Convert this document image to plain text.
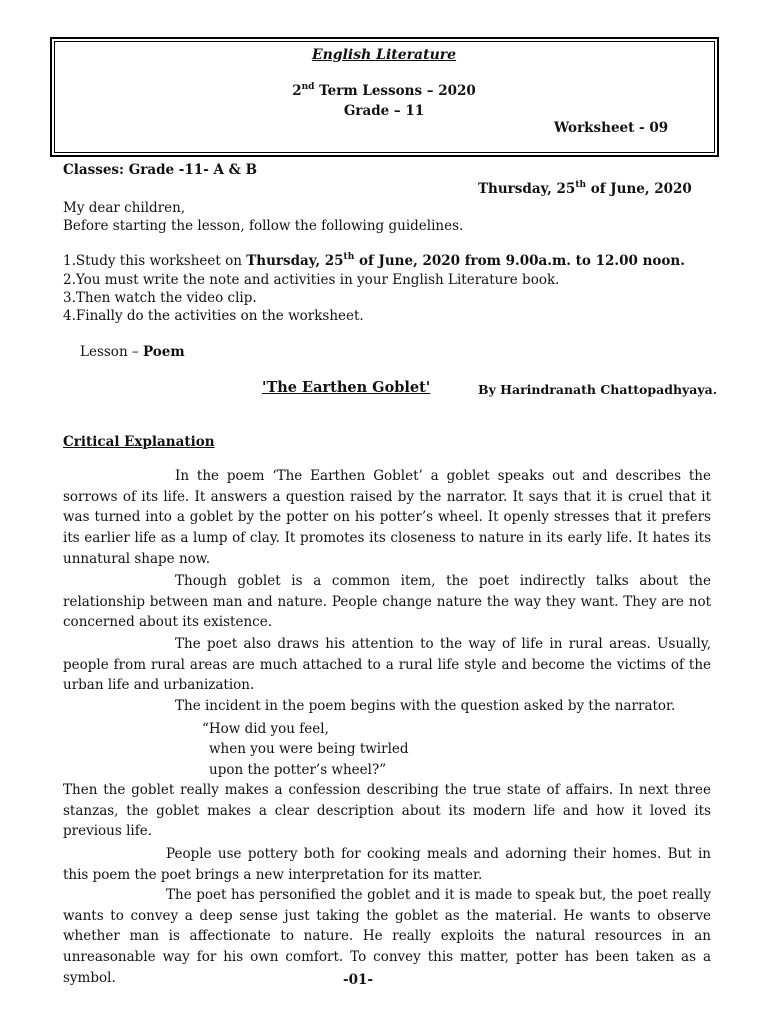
English Literature
2nd Term Lessons – 2020
Grade – 11
Worksheet - 09
Classes: Grade -11- A & B
Thursday, 25th of June, 2020
My dear children,
Before starting the lesson, follow the following guidelines.
1.Study this worksheet on Thursday, 25th of June, 2020 from 9.00a.m. to 12.00 noon.
2.You must write the note and activities in your English Literature book.
3.Then watch the video clip.
4.Finally do the activities on the worksheet.
Lesson – Poem
'The Earthen Goblet'	By Harindranath Chattopadhyaya.
Critical Explanation
In the poem ‘The Earthen Goblet’ a goblet speaks out and describes the sorrows of its life. It answers a question raised by the narrator. It says that it is cruel that it was turned into a goblet by the potter on his potter’s wheel. It openly stresses that it prefers its earlier life as a lump of clay. It promotes its closeness to nature in its early life. It hates its unnatural shape now.
Though goblet is a common item, the poet indirectly talks about the relationship between man and nature. People change nature the way they want. They are not concerned about its existence.
The poet also draws his attention to the way of life in rural areas. Usually, people from rural areas are much attached to a rural life style and become the victims of the urban life and urbanization.
The incident in the poem begins with the question asked by the narrator.
“How did you feel,
when you were being twirled
upon the potter’s wheel?”
Then the goblet really makes a confession describing the true state of affairs. In next three stanzas, the goblet makes a clear description about its modern life and how it loved its previous life.
People use pottery both for cooking meals and adorning their homes. But in this poem the poet brings a new interpretation for its matter.
The poet has personified the goblet and it is made to speak but, the poet really wants to convey a deep sense just taking the goblet as the material. He wants to observe whether man is affectionate to nature. He really exploits the natural resources in an unreasonable way for his own comfort. To convey this matter, potter has been taken as a symbol.	-01-
